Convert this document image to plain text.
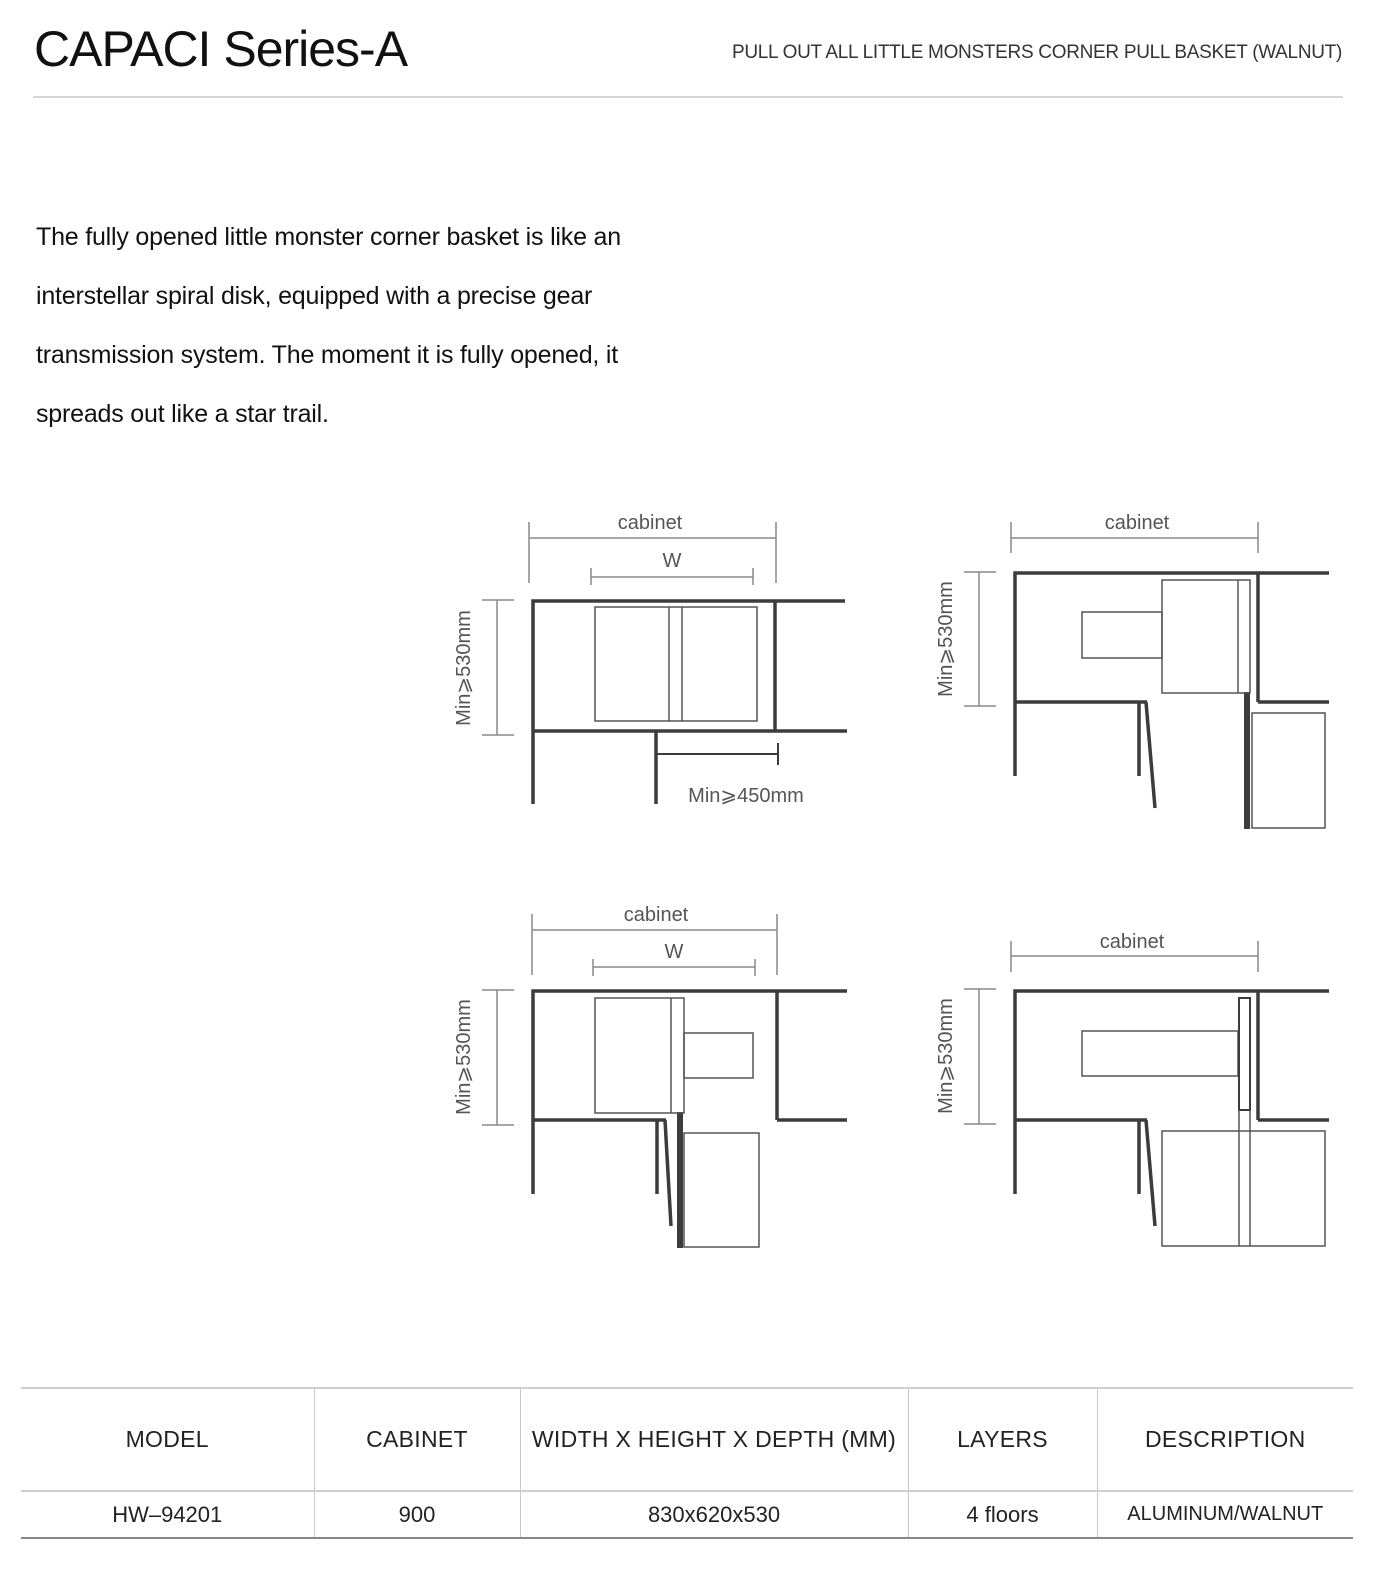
CAPACI Series-A	PULL OUT ALL LITTLE MONSTERS CORNER PULL BASKET (WALNUT)

The fully opened little monster corner basket is like an

interstellar spiral disk, equipped with a precise gear

transmission system. The moment it is fully opened, it

spreads out like a star trail.

cabinet
W
Min⩾530mm
Min⩾450mm
cabinet
Min⩾530mm
cabinet
W
Min⩾530mm
cabinet
Min⩾530mm
MODEL	CABINET	WIDTH X HEIGHT X DEPTH (MM)	LAYERS	DESCRIPTION
HW–94201	900	830x620x530	4 floors	ALUMINUM/WALNUT
